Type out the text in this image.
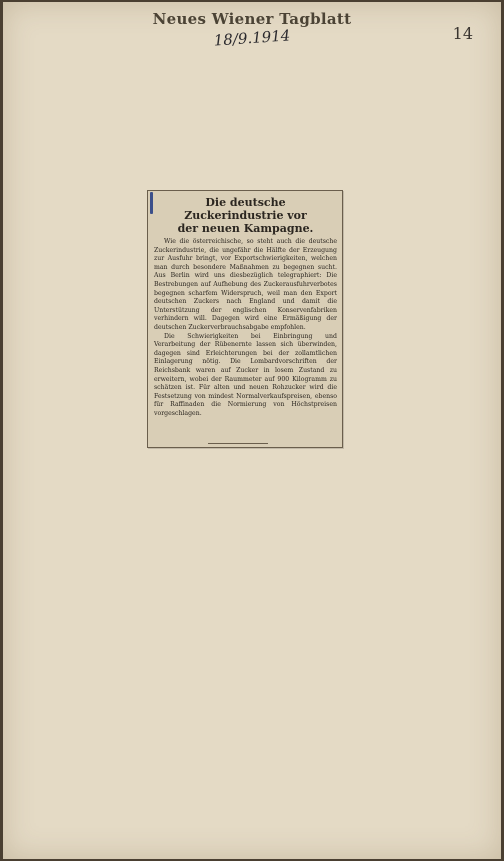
Neues Wiener Tagblatt
18/9.1914	14
Die deutsche Zuckerindustrie vor
der neuen Kampagne.

Wie die österreichische, so steht auch die deutsche Zuckerindustrie, die ungefähr die Hälfte der Erzeugung zur Ausfuhr bringt, vor Exportschwierigkeiten, welchen man durch besondere Maßnahmen zu begegnen sucht. Aus Berlin wird uns diesbezüglich telegraphiert: Die Bestrebungen auf Aufhebung des Zuckerausfuhrverbotes begegnen scharfem Widerspruch, weil man den Export deutschen Zuckers nach England und damit die Unterstützung der englischen Konservenfabriken verhindern will. Dagegen wird eine Ermäßigung der deutschen Zuckerverbrauchsabgabe empfohlen.

Die Schwierigkeiten bei Einbringung und Verarbeitung der Rübenernte lassen sich überwinden, dagegen sind Erleichterungen bei der zollamtlichen Einlagerung nötig. Die Lombardvorschriften der Reichsbank waren auf Zucker in losem Zustand zu erweitern, wobei der Raummeter auf 900 Kilogramm zu schätzen ist. Für alten und neuen Rohzucker wird die Festsetzung von mindest Normalverkaufspreisen, ebenso für Raffinaden die Normierung von Höchstpreisen vorgeschlagen.
